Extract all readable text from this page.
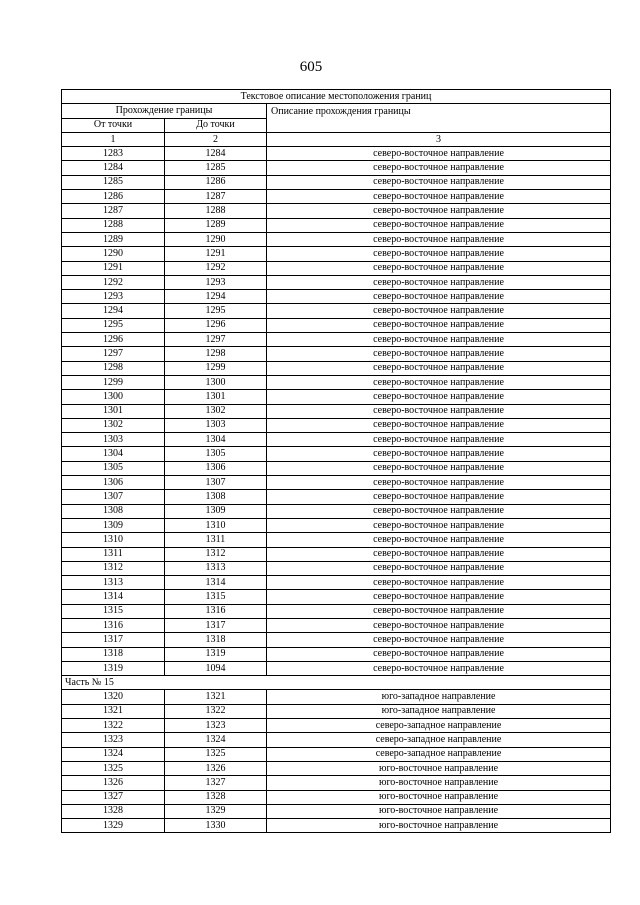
605
Текстовое описание местоположения границ		
Прохождение границы		Описание прохождения границы
От точки	До точки	
1	2	3
1283	1284	северо-восточное направление
1284	1285	северо-восточное направление
1285	1286	северо-восточное направление
1286	1287	северо-восточное направление
1287	1288	северо-восточное направление
1288	1289	северо-восточное направление
1289	1290	северо-восточное направление
1290	1291	северо-восточное направление
1291	1292	северо-восточное направление
1292	1293	северо-восточное направление
1293	1294	северо-восточное направление
1294	1295	северо-восточное направление
1295	1296	северо-восточное направление
1296	1297	северо-восточное направление
1297	1298	северо-восточное направление
1298	1299	северо-восточное направление
1299	1300	северо-восточное направление
1300	1301	северо-восточное направление
1301	1302	северо-восточное направление
1302	1303	северо-восточное направление
1303	1304	северо-восточное направление
1304	1305	северо-восточное направление
1305	1306	северо-восточное направление
1306	1307	северо-восточное направление
1307	1308	северо-восточное направление
1308	1309	северо-восточное направление
1309	1310	северо-восточное направление
1310	1311	северо-восточное направление
1311	1312	северо-восточное направление
1312	1313	северо-восточное направление
1313	1314	северо-восточное направление
1314	1315	северо-восточное направление
1315	1316	северо-восточное направление
1316	1317	северо-восточное направление
1317	1318	северо-восточное направление
1318	1319	северо-восточное направление
1319	1094	северо-восточное направление
Часть № 15		
1320	1321	юго-западное направление
1321	1322	юго-западное направление
1322	1323	северо-западное направление
1323	1324	северо-западное направление
1324	1325	северо-западное направление
1325	1326	юго-восточное направление
1326	1327	юго-восточное направление
1327	1328	юго-восточное направление
1328	1329	юго-восточное направление
1329	1330	юго-восточное направление
